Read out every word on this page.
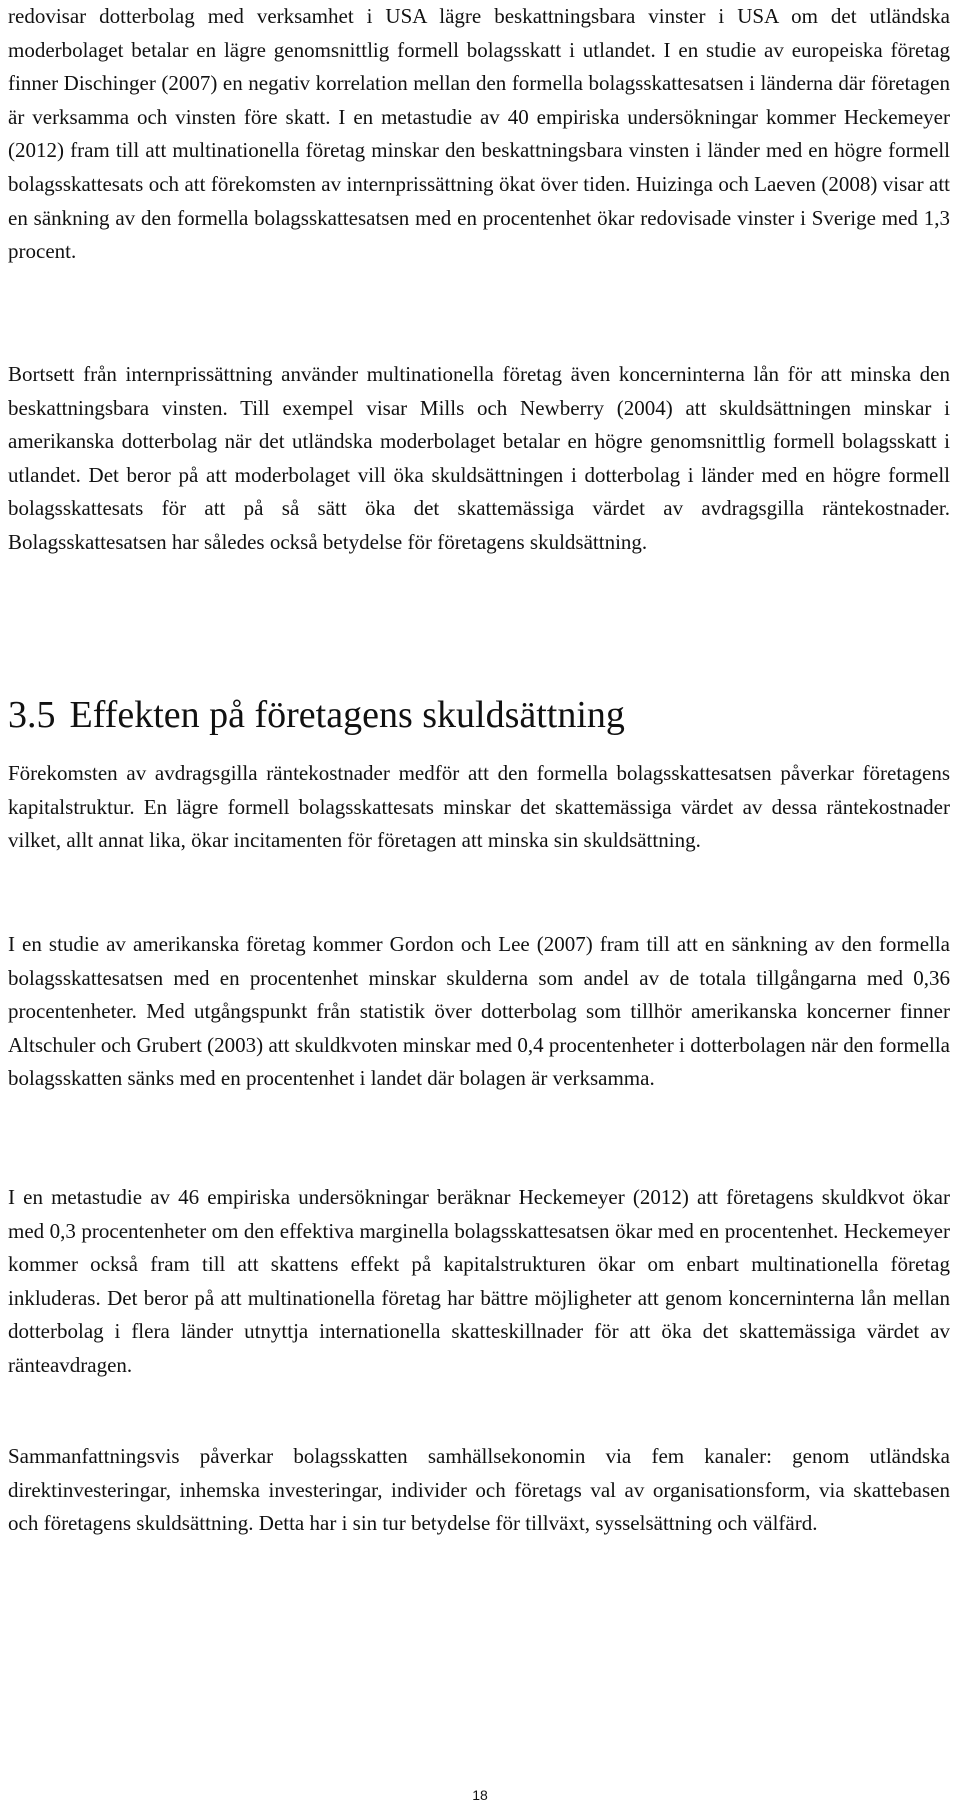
redovisar dotterbolag med verksamhet i USA lägre beskattningsbara vinster i USA om det utländska moderbolaget betalar en lägre genomsnittlig formell bolagsskatt i utlandet. I en studie av europeiska företag finner Dischinger (2007) en negativ korrelation mellan den formella bolagsskattesatsen i länderna där företagen är verksamma och vinsten före skatt. I en metastudie av 40 empiriska undersökningar kommer Heckemeyer (2012) fram till att multinationella företag minskar den beskattningsbara vinsten i länder med en högre formell bolagsskattesats och att förekomsten av internprissättning ökat över tiden. Huizinga och Laeven (2008) visar att en sänkning av den formella bolagsskattesatsen med en procentenhet ökar redovisade vinster i Sverige med 1,3 procent.

Bortsett från internprissättning använder multinationella företag även koncerninterna lån för att minska den beskattningsbara vinsten. Till exempel visar Mills och Newberry (2004) att skuldsättningen minskar i amerikanska dotterbolag när det utländska moderbolaget betalar en högre genomsnittlig formell bolagsskatt i utlandet. Det beror på att moderbolaget vill öka skuldsättningen i dotterbolag i länder med en högre formell bolagsskattesats för att på så sätt öka det skattemässiga värdet av avdragsgilla räntekostnader. Bolagsskattesatsen har således också betydelse för företagens skuldsättning.

3.5 Effekten på företagens skuldsättning

Förekomsten av avdragsgilla räntekostnader medför att den formella bolagsskattesatsen påverkar företagens kapitalstruktur. En lägre formell bolagsskattesats minskar det skattemässiga värdet av dessa räntekostnader vilket, allt annat lika, ökar incitamenten för företagen att minska sin skuldsättning.

I en studie av amerikanska företag kommer Gordon och Lee (2007) fram till att en sänkning av den formella bolagsskattesatsen med en procentenhet minskar skulderna som andel av de totala tillgångarna med 0,36 procentenheter. Med utgångspunkt från statistik över dotterbolag som tillhör amerikanska koncerner finner Altschuler och Grubert (2003) att skuldkvoten minskar med 0,4 procentenheter i dotterbolagen när den formella bolagsskatten sänks med en procentenhet i landet där bolagen är verksamma.

I en metastudie av 46 empiriska undersökningar beräknar Heckemeyer (2012) att företagens skuldkvot ökar med 0,3 procentenheter om den effektiva marginella bolagsskattesatsen ökar med en procentenhet. Heckemeyer kommer också fram till att skattens effekt på kapitalstrukturen ökar om enbart multinationella företag inkluderas. Det beror på att multinationella företag har bättre möjligheter att genom koncerninterna lån mellan dotterbolag i flera länder utnyttja internationella skatteskillnader för att öka det skattemässiga värdet av ränteavdragen.

Sammanfattningsvis påverkar bolagsskatten samhällsekonomin via fem kanaler: genom utländska direktinvesteringar, inhemska investeringar, individer och företags val av organisationsform, via skattebasen och företagens skuldsättning. Detta har i sin tur betydelse för tillväxt, sysselsättning och välfärd.

18
